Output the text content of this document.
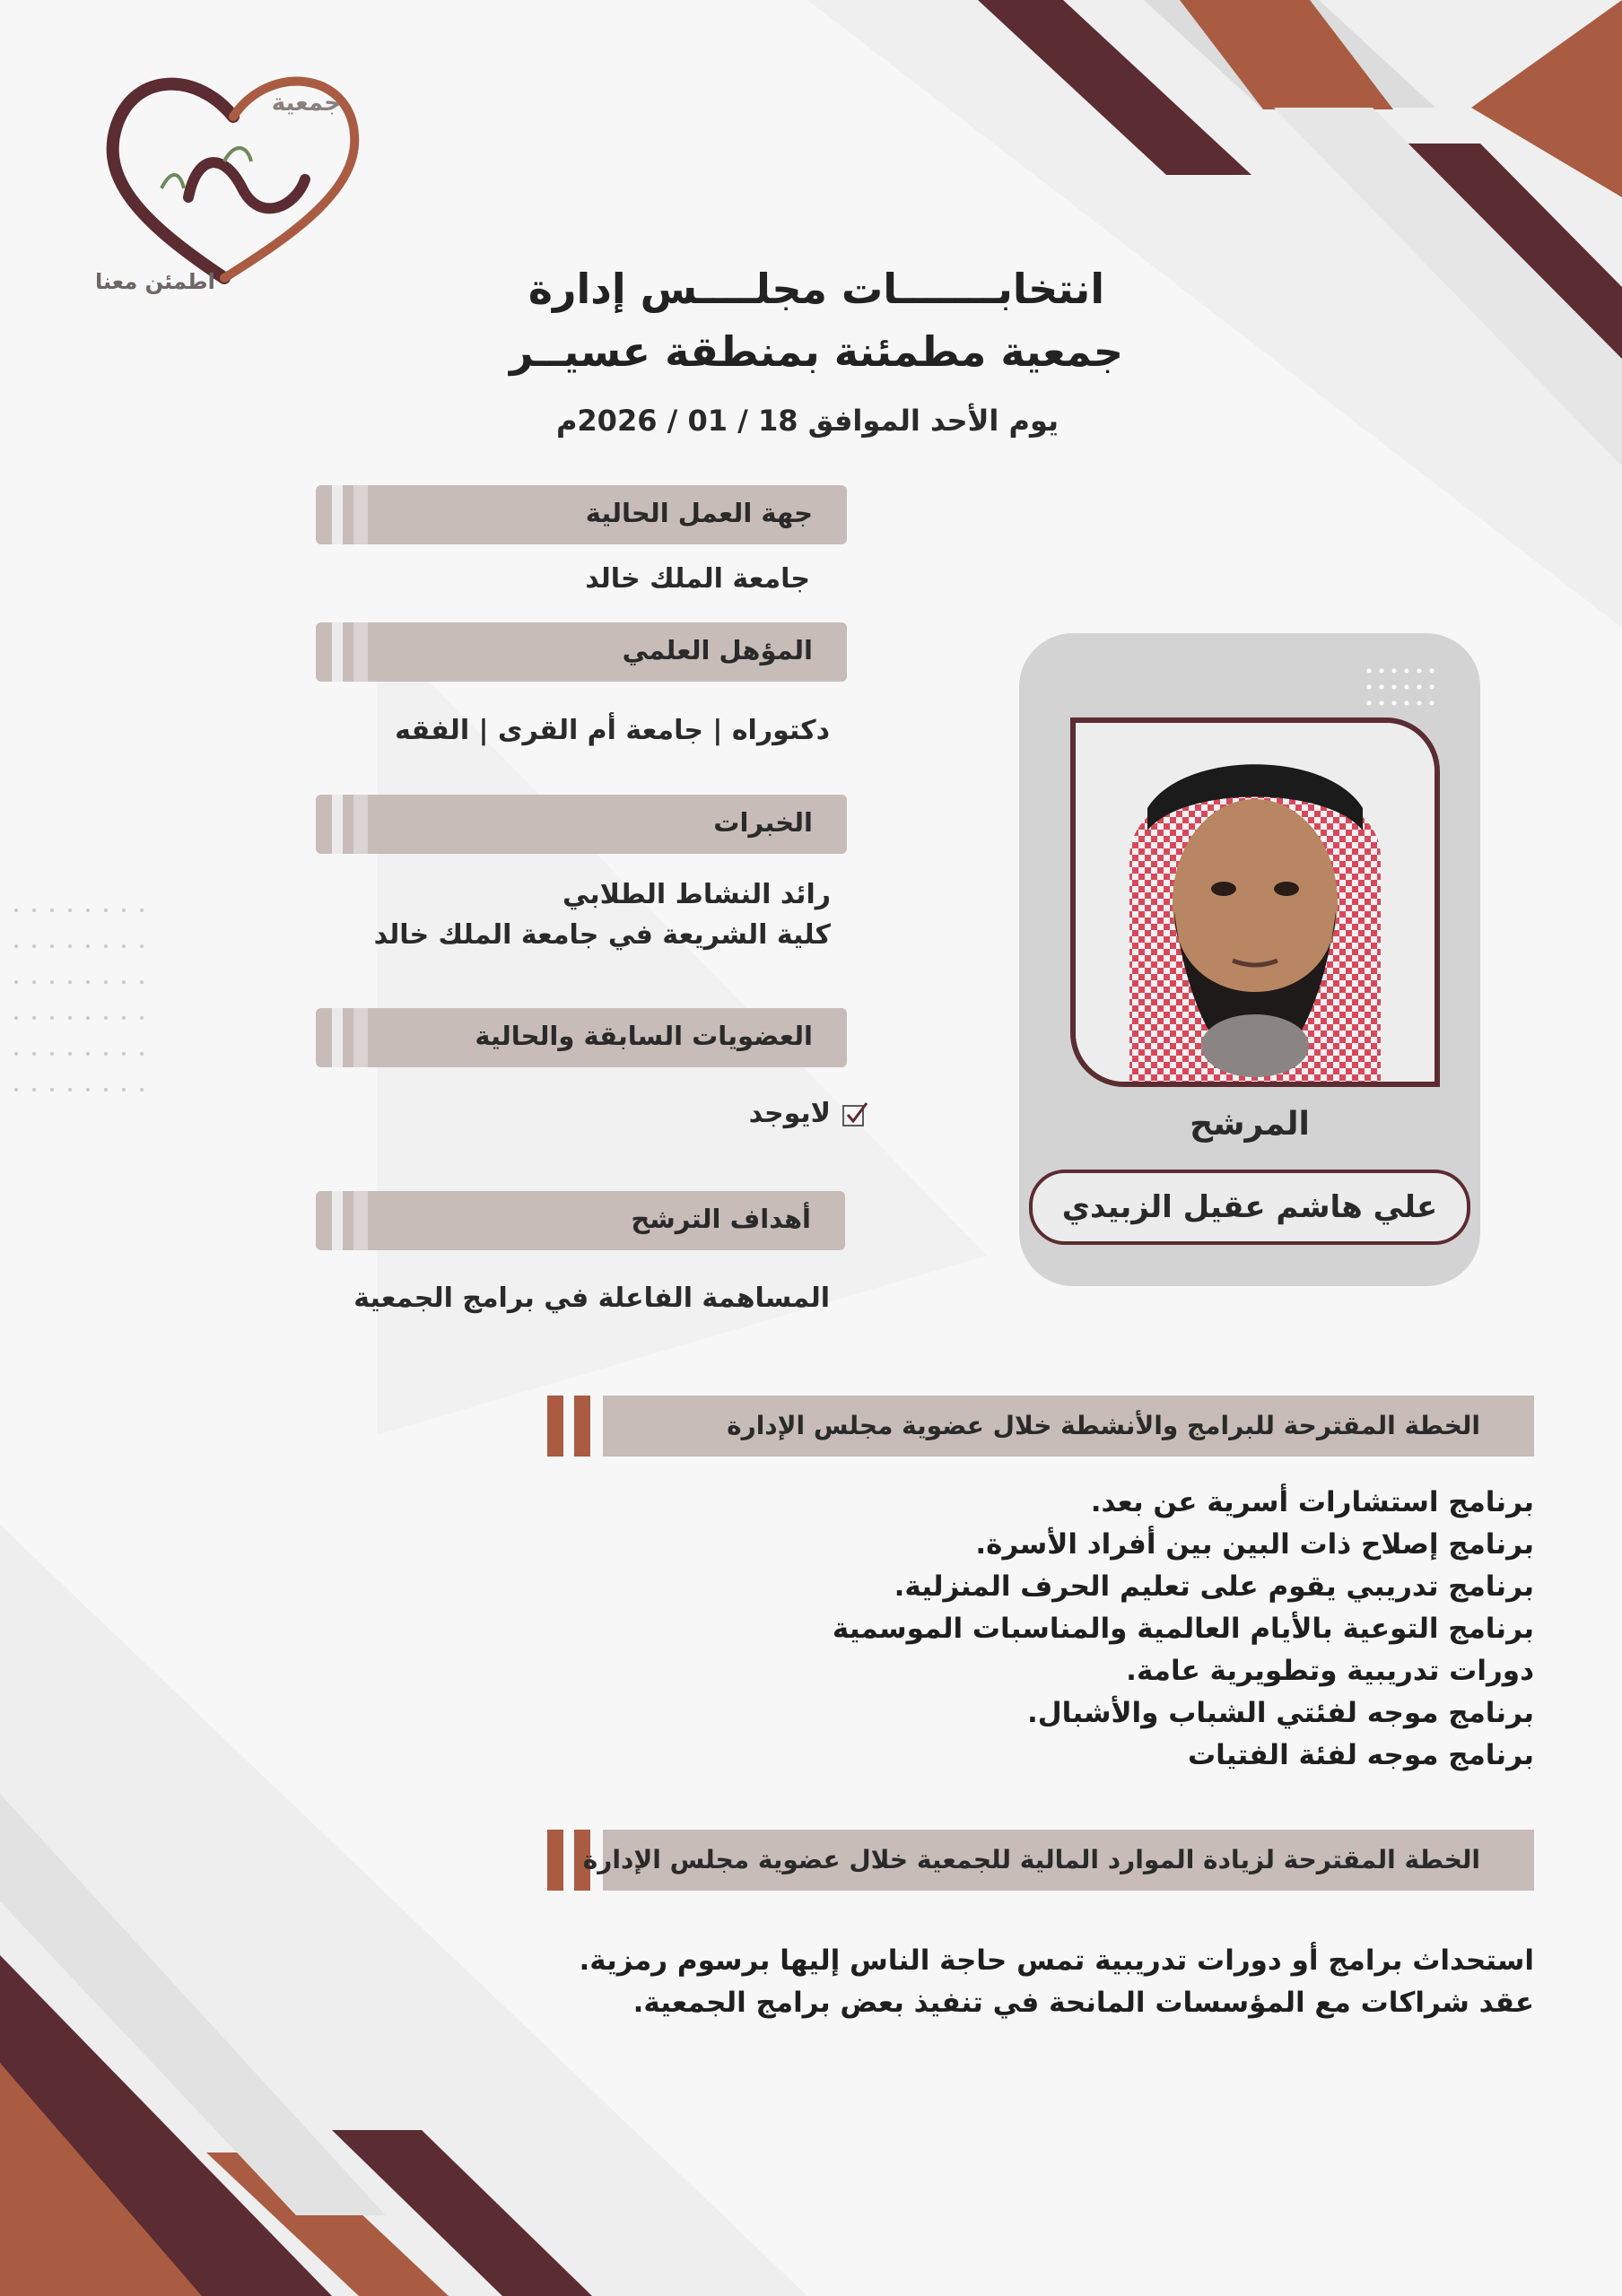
جمعية
اطمئن معنا	انتخابـــــــات مجلــــس إدارة
جمعية مطمئنة بمنطقة عسيــر
يوم الأحد الموافق 18 / 01 / 2026م
جهة العمل الحالية
جامعة الملك خالد
المؤهل العلمي
دكتوراه | جامعة أم القرى | الفقه
الخبرات
رائد النشاط الطلابي
كلية الشريعة في جامعة الملك خالد
العضويات السابقة والحالية
لايوجد
أهداف الترشح
المساهمة الفاعلة في برامج الجمعية
المرشح
علي هاشم عقيل الزبيدي
الخطة المقترحة للبرامج والأنشطة خلال عضوية مجلس الإدارة
برنامج استشارات أسرية عن بعد.
برنامج إصلاح ذات البين بين أفراد الأسرة.
برنامج تدريبي يقوم على تعليم الحرف المنزلية.
برنامج التوعية بالأيام العالمية والمناسبات الموسمية
دورات تدريبية وتطويرية عامة.
برنامج موجه لفئتي الشباب والأشبال.
برنامج موجه لفئة الفتيات
الخطة المقترحة لزيادة الموارد المالية للجمعية خلال عضوية مجلس الإدارة
استحداث برامج أو دورات تدريبية تمس حاجة الناس إليها برسوم رمزية.
عقد شراكات مع المؤسسات المانحة في تنفيذ بعض برامج الجمعية.
